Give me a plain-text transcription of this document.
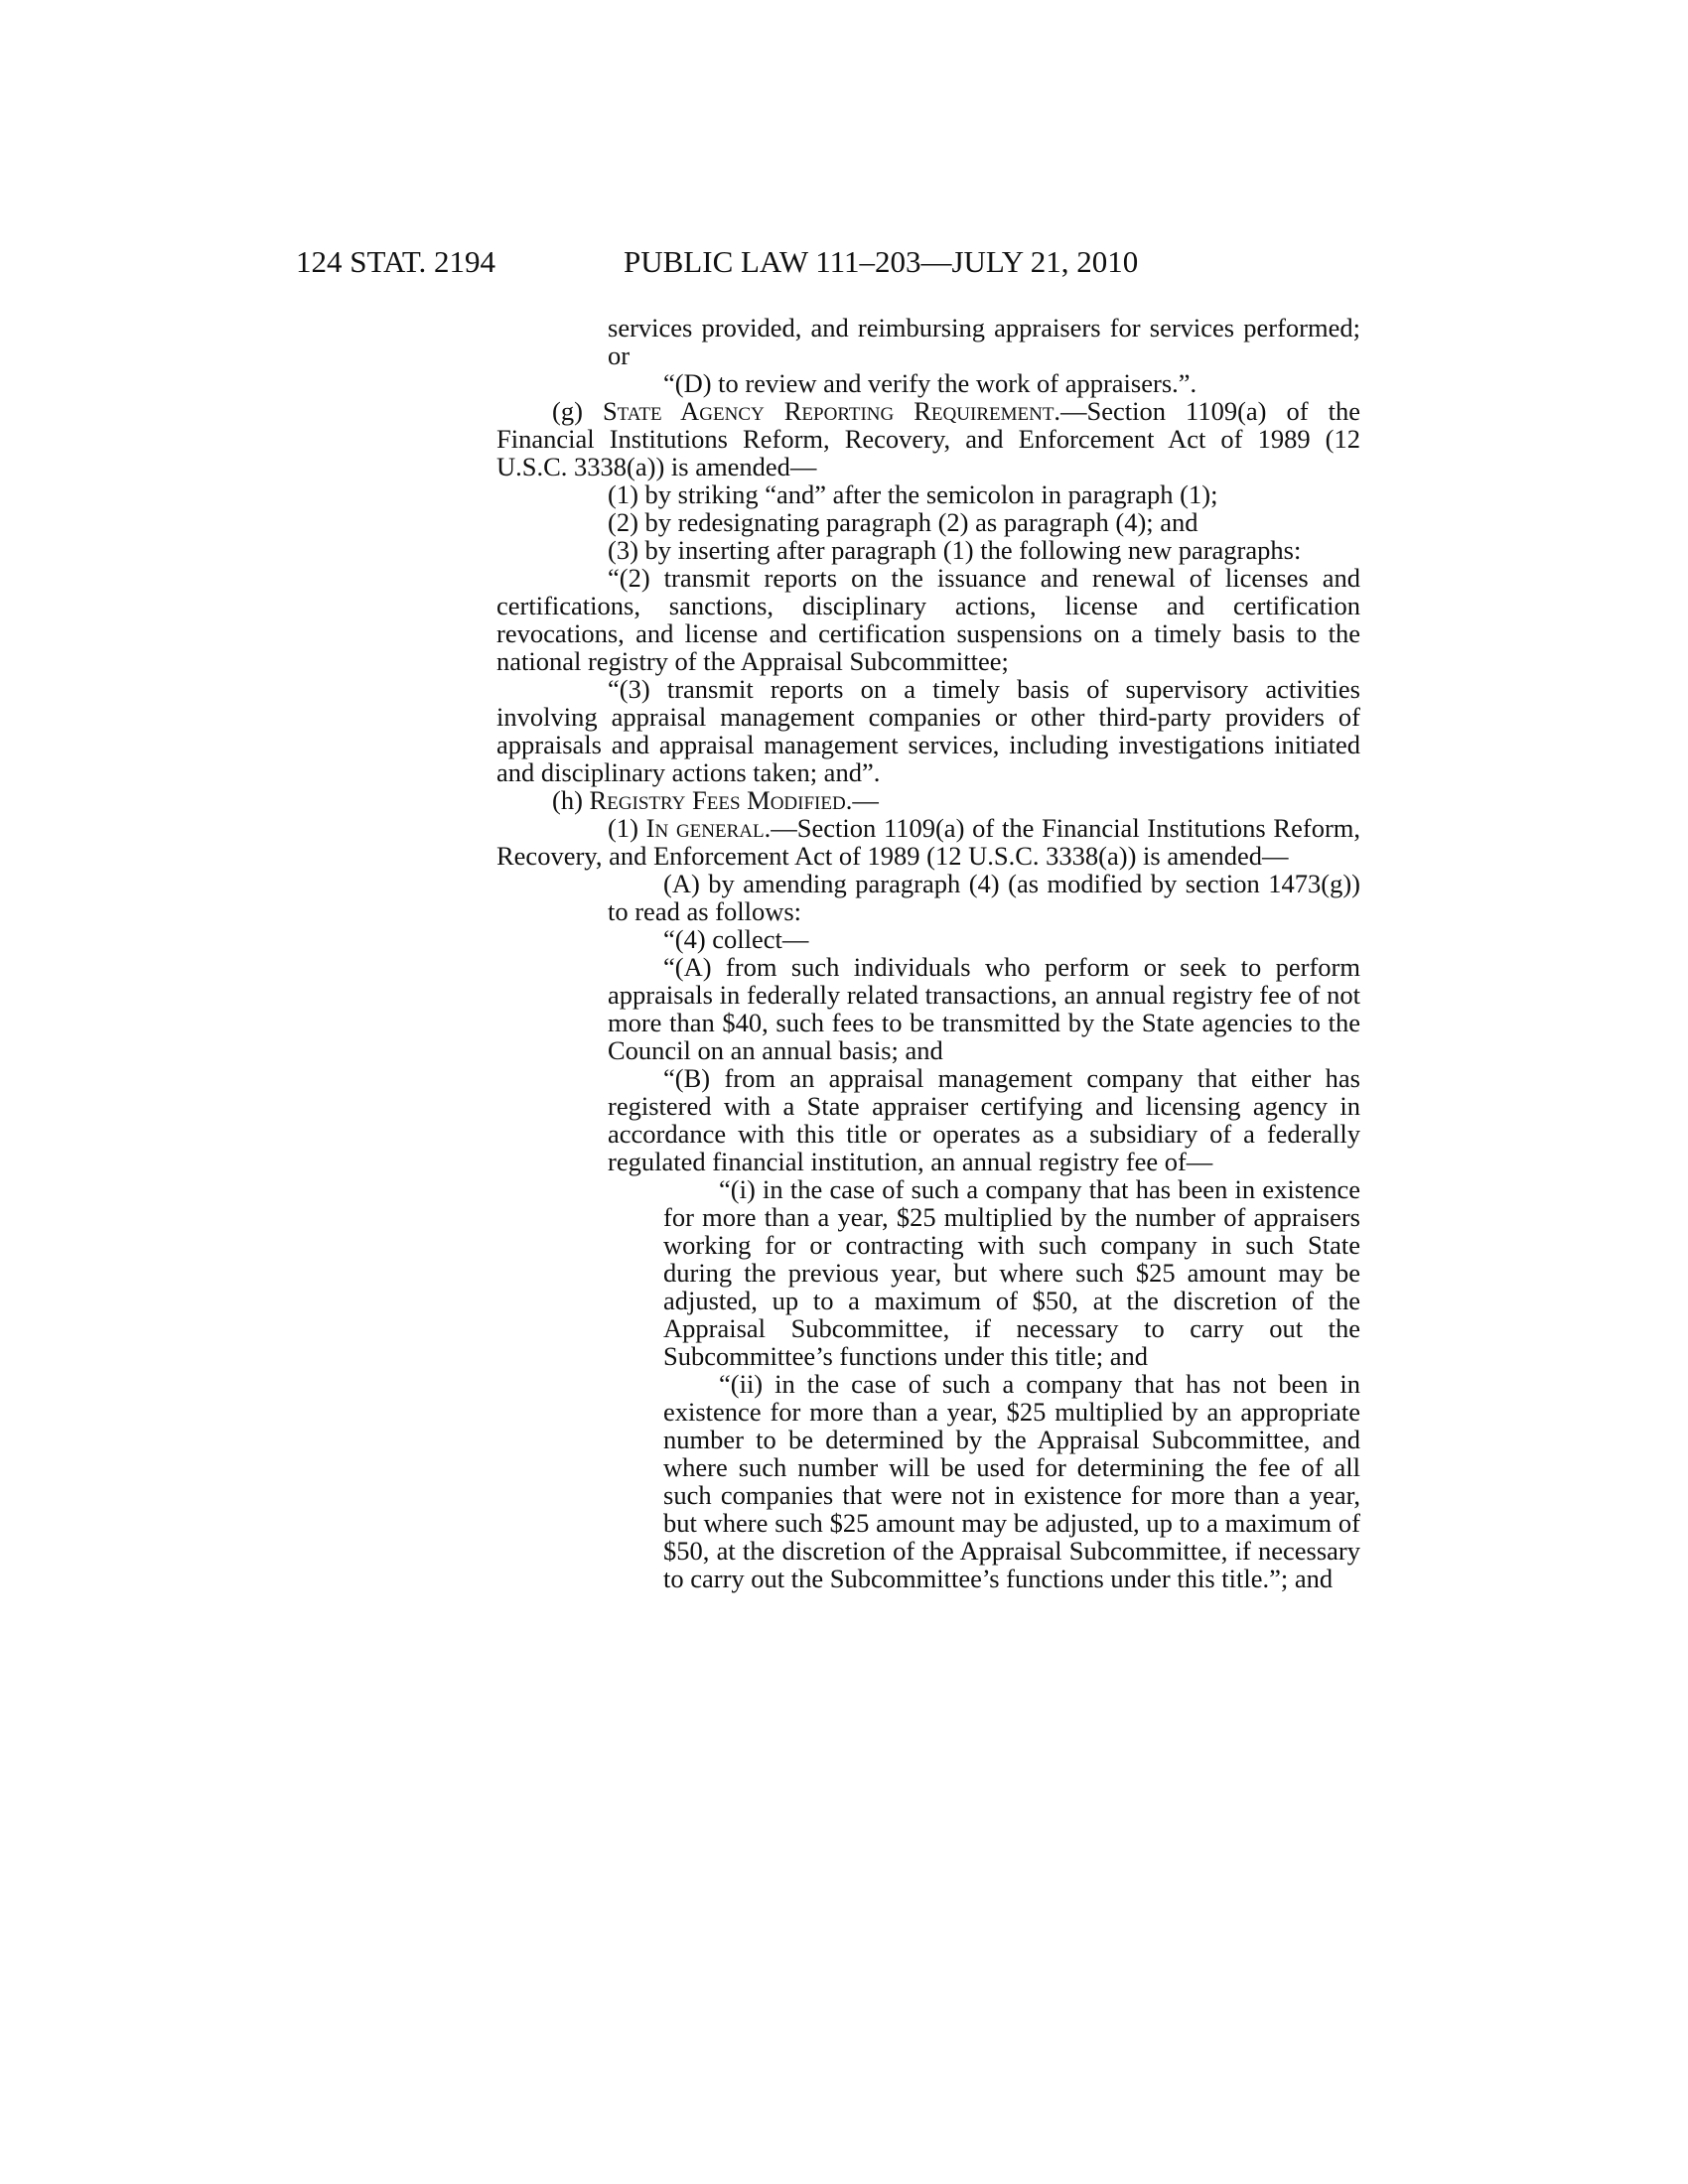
124 STAT. 2194	PUBLIC LAW 111–203—JULY 21, 2010

services provided, and reimbursing appraisers for services performed; or

“(D) to review and verify the work of appraisers.”.

(g) State Agency Reporting Requirement.—Section 1109(a) of the Financial Institutions Reform, Recovery, and Enforcement Act of 1989 (12 U.S.C. 3338(a)) is amended—

(1) by striking “and” after the semicolon in paragraph (1);

(2) by redesignating paragraph (2) as paragraph (4); and

(3) by inserting after paragraph (1) the following new paragraphs:

“(2) transmit reports on the issuance and renewal of licenses and certifications, sanctions, disciplinary actions, license and certification revocations, and license and certification suspensions on a timely basis to the national registry of the Appraisal Subcommittee;

“(3) transmit reports on a timely basis of supervisory activities involving appraisal management companies or other third-party providers of appraisals and appraisal management services, including investigations initiated and disciplinary actions taken; and”.

(h) Registry Fees Modified.—

(1) In general.—Section 1109(a) of the Financial Institutions Reform, Recovery, and Enforcement Act of 1989 (12 U.S.C. 3338(a)) is amended—

(A) by amending paragraph (4) (as modified by section 1473(g)) to read as follows:

“(4) collect—

“(A) from such individuals who perform or seek to perform appraisals in federally related transactions, an annual registry fee of not more than $40, such fees to be transmitted by the State agencies to the Council on an annual basis; and

“(B) from an appraisal management company that either has registered with a State appraiser certifying and licensing agency in accordance with this title or operates as a subsidiary of a federally regulated financial institution, an annual registry fee of—

“(i) in the case of such a company that has been in existence for more than a year, $25 multiplied by the number of appraisers working for or contracting with such company in such State during the previous year, but where such $25 amount may be adjusted, up to a maximum of $50, at the discretion of the Appraisal Subcommittee, if necessary to carry out the Subcommittee’s functions under this title; and

“(ii) in the case of such a company that has not been in existence for more than a year, $25 multiplied by an appropriate number to be determined by the Appraisal Subcommittee, and where such number will be used for determining the fee of all such companies that were not in existence for more than a year, but where such $25 amount may be adjusted, up to a maximum of $50, at the discretion of the Appraisal Subcommittee, if necessary to carry out the Subcommittee’s functions under this title.”; and
